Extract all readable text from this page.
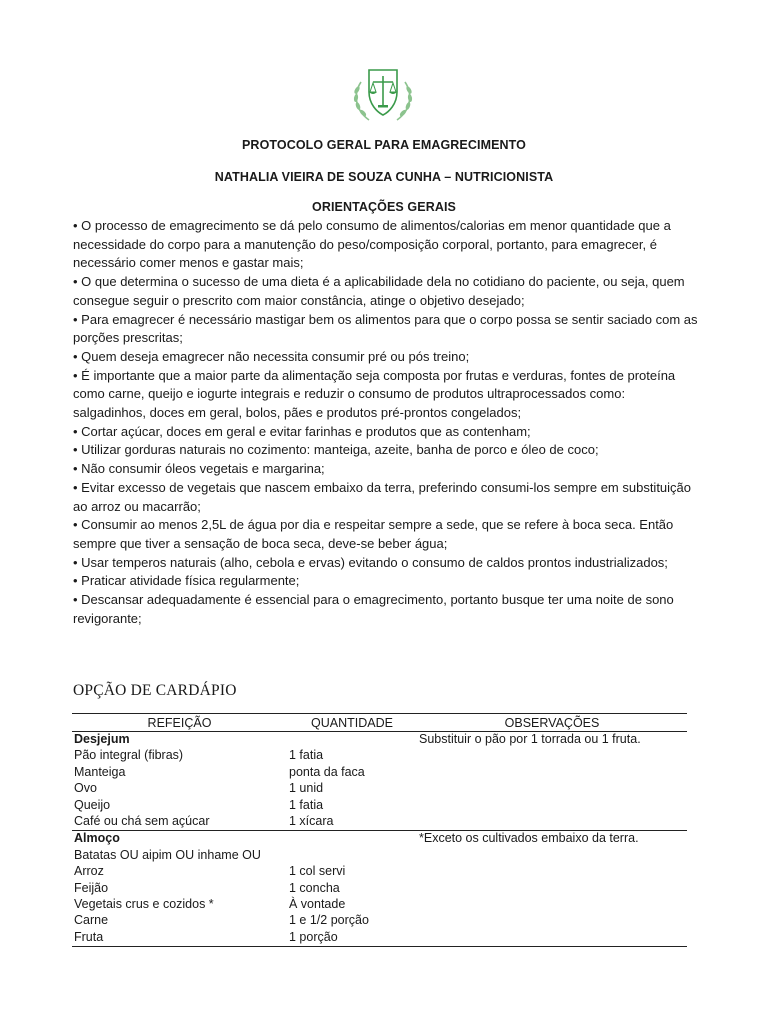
PROTOCOLO GERAL PARA EMAGRECIMENTO
NATHALIA VIEIRA DE SOUZA CUNHA – NUTRICIONISTA
ORIENTAÇÕES GERAIS

• O processo de emagrecimento se dá pelo consumo de alimentos/calorias em menor quantidade que a necessidade do corpo para a manutenção do peso/composição corporal, portanto, para emagrecer, é necessário comer menos e gastar mais;

• O que determina o sucesso de uma dieta é a aplicabilidade dela no cotidiano do paciente, ou seja, quem consegue seguir o prescrito com maior constância, atinge o objetivo desejado;

• Para emagrecer é necessário mastigar bem os alimentos para que o corpo possa se sentir saciado com as porções prescritas;

• Quem deseja emagrecer não necessita consumir pré ou pós treino;

• É importante que a maior parte da alimentação seja composta por frutas e verduras, fontes de proteína como carne, queijo e iogurte integrais e reduzir o consumo de produtos ultraprocessados como: salgadinhos, doces em geral, bolos, pães e produtos pré-prontos congelados;

• Cortar açúcar, doces em geral e evitar farinhas e produtos que as contenham;

• Utilizar gorduras naturais no cozimento: manteiga, azeite, banha de porco e óleo de coco;

• Não consumir óleos vegetais e margarina;

• Evitar excesso de vegetais que nascem embaixo da terra, preferindo consumi-los sempre em substituição ao arroz ou macarrão;

• Consumir ao menos 2,5L de água por dia e respeitar sempre a sede, que se refere à boca seca. Então sempre que tiver a sensação de boca seca, deve-se beber água;

• Usar temperos naturais (alho, cebola e ervas) evitando o consumo de caldos prontos industrializados;

• Praticar atividade física regularmente;

• Descansar adequadamente é essencial para o emagrecimento, portanto busque ter uma noite de sono revigorante;

OPÇÃO DE CARDÁPIO
REFEIÇÃO	QUANTIDADE	OBSERVAÇÕES
Desjejum		Substituir o pão por 1 torrada ou 1 fruta.
Pão integral (fibras)	1 fatia	
Manteiga	ponta da faca	
Ovo	1 unid	
Queijo	1 fatia	
Café ou chá sem açúcar	1 xícara	
Almoço		*Exceto os cultivados embaixo da terra.
Batatas OU aipim OU inhame OU		
Arroz	1 col servi	
Feijão	1 concha	
Vegetais crus e cozidos *	À vontade	
Carne	1 e 1/2 porção	
Fruta	1 porção	
